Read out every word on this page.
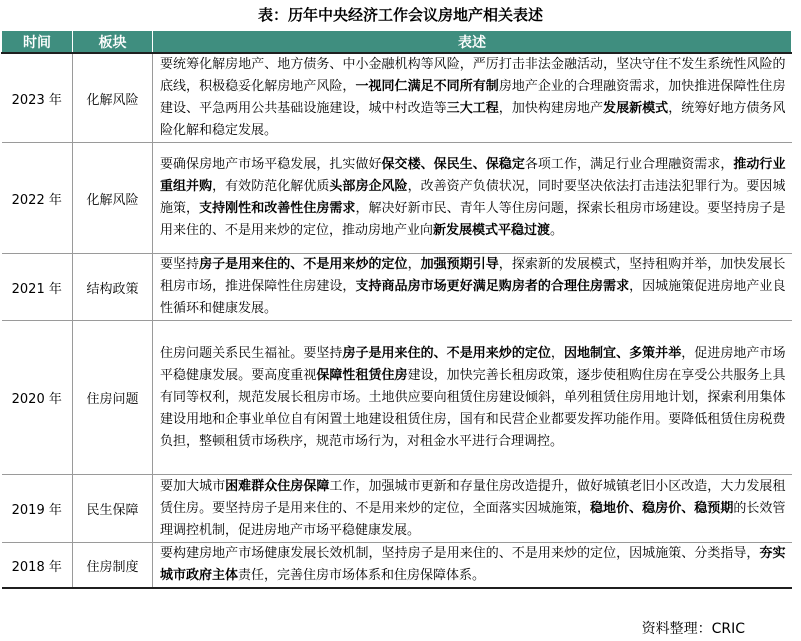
表：历年中央经济工作会议房地产相关表述
时间	板块	表述
2023 年	化解风险	要统筹化解房地产、地方债务、中小金融机构等风险，严厉打击非法金融活动，坚决守住不发生系统性风险的底线，积极稳妥化解房地产风险，一视同仁满足不同所有制房地产企业的合理融资需求，加快推进保障性住房建设、平急两用公共基础设施建设，城中村改造等三大工程，加快构建房地产发展新模式，统筹好地方债务风险化解和稳定发展。
2022 年	化解风险	要确保房地产市场平稳发展，扎实做好保交楼、保民生、保稳定各项工作，满足行业合理融资需求，推动行业重组并购，有效防范化解优质头部房企风险，改善资产负债状况，同时要坚决依法打击违法犯罪行为。要因城施策，支持刚性和改善性住房需求，解决好新市民、青年人等住房问题，探索长租房市场建设。要坚持房子是用来住的、不是用来炒的定位，推动房地产业向新发展模式平稳过渡。
2021 年	结构政策	要坚持房子是用来住的、不是用来炒的定位，加强预期引导，探索新的发展模式，坚持租购并举，加快发展长租房市场，推进保障性住房建设，支持商品房市场更好满足购房者的合理住房需求，因城施策促进房地产业良性循环和健康发展。
2020 年	住房问题	住房问题关系民生福祉。要坚持房子是用来住的、不是用来炒的定位，因地制宜、多策并举，促进房地产市场平稳健康发展。要高度重视保障性租赁住房建设，加快完善长租房政策，逐步使租购住房在享受公共服务上具有同等权利，规范发展长租房市场。土地供应要向租赁住房建设倾斜，单列租赁住房用地计划，探索利用集体建设用地和企事业单位自有闲置土地建设租赁住房，国有和民营企业都要发挥功能作用。要降低租赁住房税费负担，整顿租赁市场秩序，规范市场行为，对租金水平进行合理调控。
2019 年	民生保障	要加大城市困难群众住房保障工作，加强城市更新和存量住房改造提升，做好城镇老旧小区改造，大力发展租赁住房。要坚持房子是用来住的、不是用来炒的定位，全面落实因城施策，稳地价、稳房价、稳预期的长效管理调控机制，促进房地产市场平稳健康发展。
2018 年	住房制度	要构建房地产市场健康发展长效机制，坚持房子是用来住的、不是用来炒的定位，因城施策、分类指导，夯实城市政府主体责任，完善住房市场体系和住房保障体系。
资料整理：CRIC
